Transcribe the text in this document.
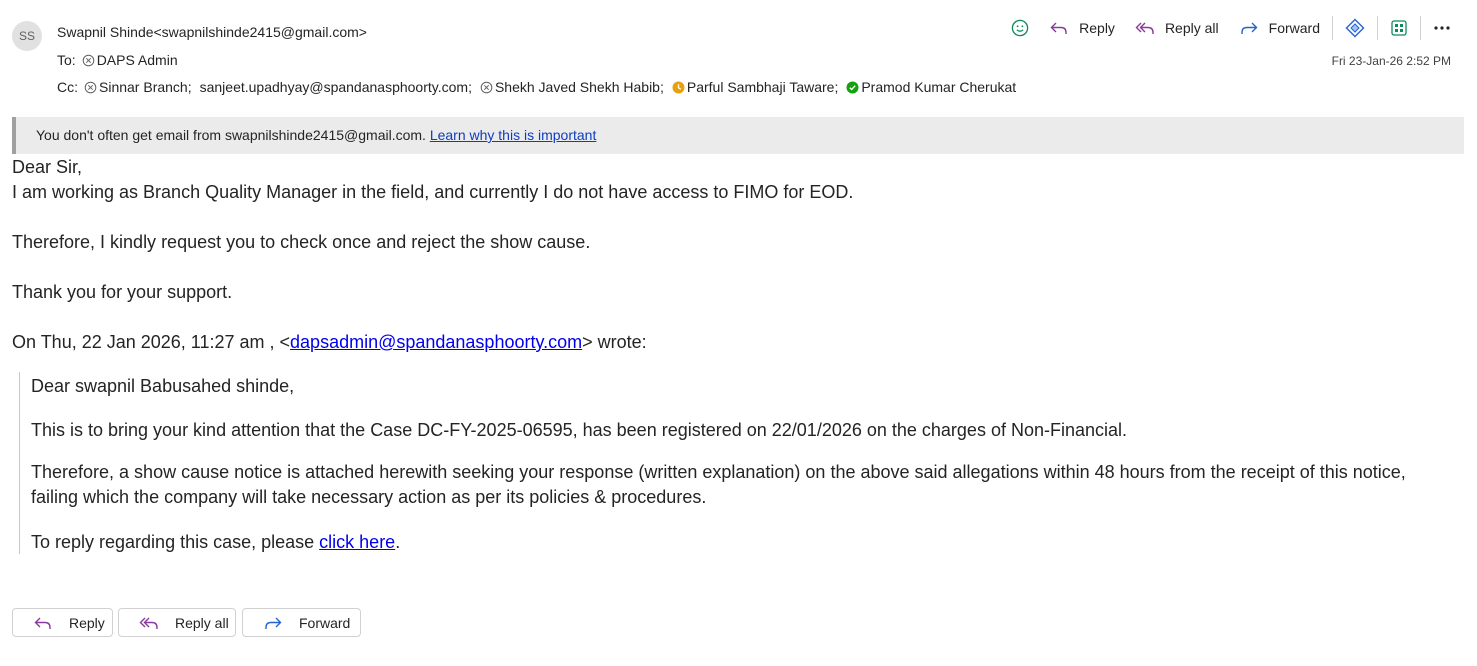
SS	Swapnil Shinde<swapnilshinde2415@gmail.com>
To: DAPS Admin
Cc: Sinnar Branch; sanjeet.upadhyay@spandanasphoorty.com; Shekh Javed Shekh Habib; Parful Sambhaji Taware; Pramod Kumar Cherukat
Fri 23-Jan-26 2:52 PM
Reply	Reply all	Forward
You don't often get email from swapnilshinde2415@gmail.com. Learn why this is important
Dear Sir,
I am working as Branch Quality Manager in the field, and currently I do not have access to FIMO for EOD.
Therefore, I kindly request you to check once and reject the show cause.
Thank you for your support.
On Thu, 22 Jan 2026, 11:27 am , <dapsadmin@spandanasphoorty.com> wrote:
Dear swapnil Babusahed shinde,
This is to bring your kind attention that the Case DC-FY-2025-06595, has been registered on 22/01/2026 on the charges of Non-Financial.
Therefore, a show cause notice is attached herewith seeking your response (written explanation) on the above said allegations within 48 hours from the receipt of this notice,
failing which the company will take necessary action as per its policies & procedures.
To reply regarding this case, please click here.
Reply	Reply all	Forward
